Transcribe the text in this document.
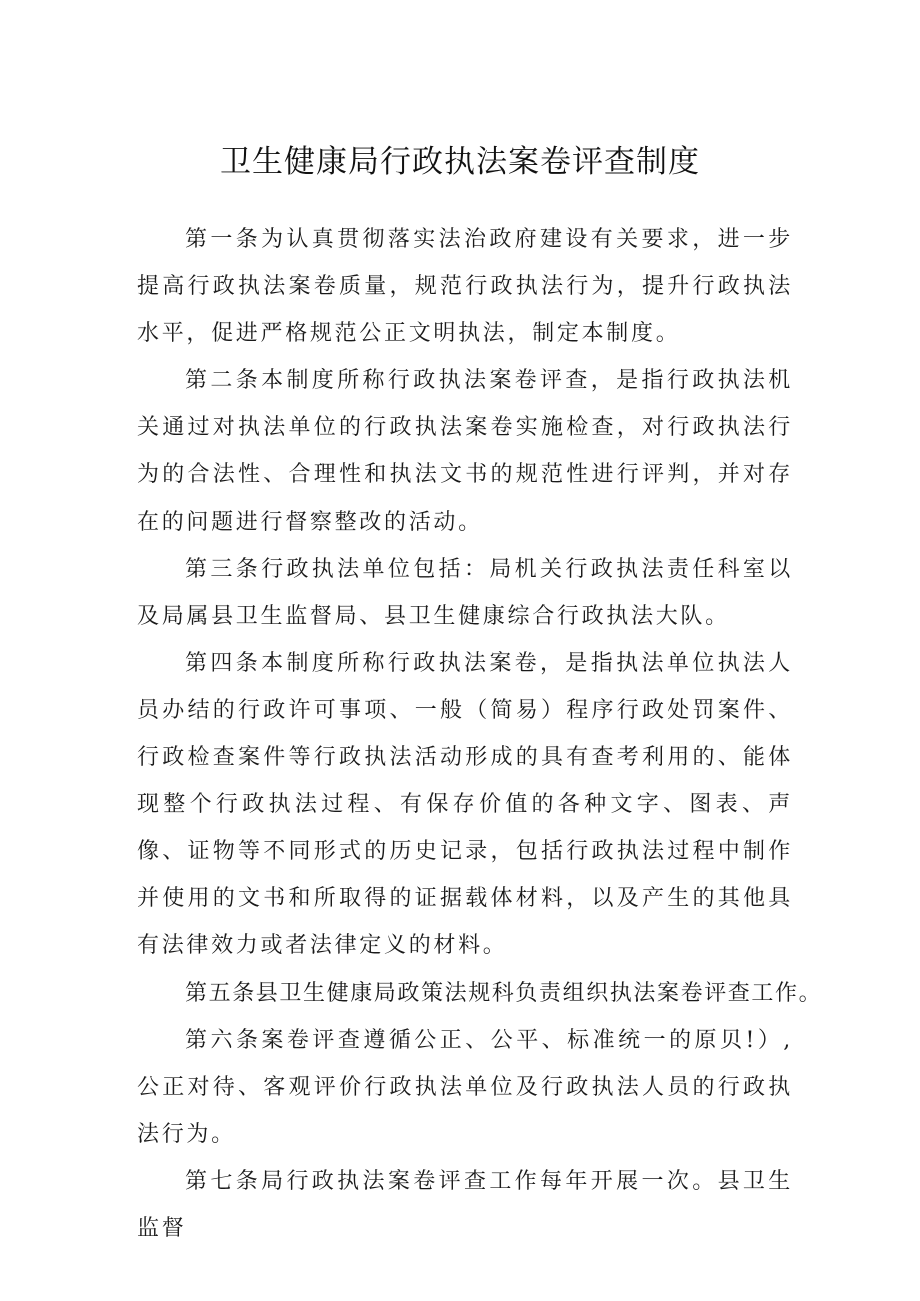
卫生健康局行政执法案卷评查制度

第一条为认真贯彻落实法治政府建设有关要求，进一步提高行政执法案卷质量，规范行政执法行为，提升行政执法水平，促进严格规范公正文明执法，制定本制度。

第二条本制度所称行政执法案卷评查，是指行政执法机关通过对执法单位的行政执法案卷实施检查，对行政执法行为的合法性、合理性和执法文书的规范性进行评判，并对存在的问题进行督察整改的活动。

第三条行政执法单位包括：局机关行政执法责任科室以及局属县卫生监督局、县卫生健康综合行政执法大队。

第四条本制度所称行政执法案卷，是指执法单位执法人员办结的行政许可事项、一般（简易）程序行政处罚案件、行政检查案件等行政执法活动形成的具有查考利用的、能体现整个行政执法过程、有保存价值的各种文字、图表、声像、证物等不同形式的历史记录，包括行政执法过程中制作并使用的文书和所取得的证据载体材料，以及产生的其他具有法律效力或者法律定义的材料。

第五条县卫生健康局政策法规科负责组织执法案卷评查工作。

第六条案卷评查遵循公正、公平、标准统一的原贝!）,公正对待、客观评价行政执法单位及行政执法人员的行政执法行为。

第七条局行政执法案卷评查工作每年开展一次。县卫生监督
